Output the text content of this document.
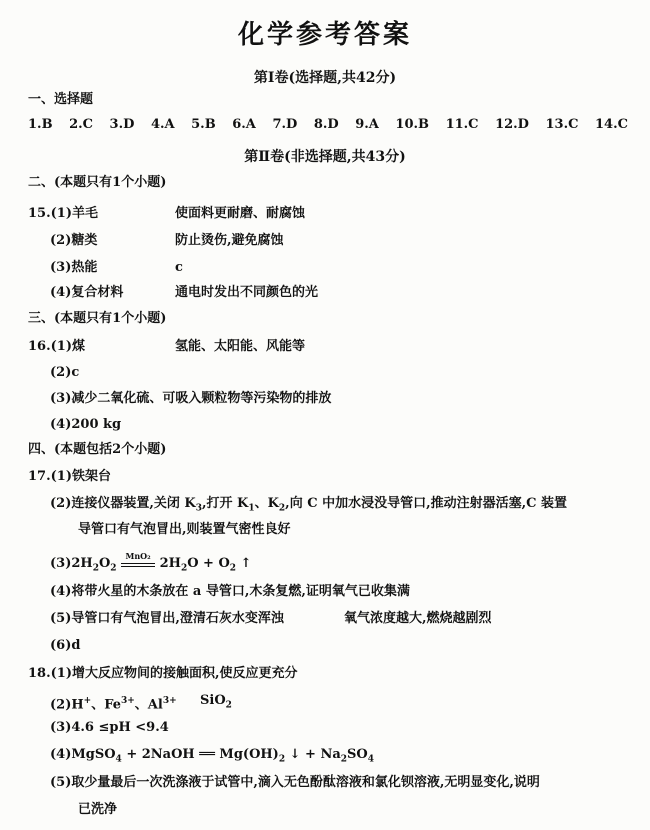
化学参考答案
第Ⅰ卷(选择题,共42分)
一、选择题
1.B 2.C 3.D 4.A 5.B 6.A 7.D 8.D 9.A 10.B 11.C 12.D 13.C 14.C
第Ⅱ卷(非选择题,共43分)
二、(本题只有1个小题)
15.(1)羊毛	使面料更耐磨、耐腐蚀
(2)糖类	防止烫伤,避免腐蚀
(3)热能	c
(4)复合材料	通电时发出不同颜色的光
三、(本题只有1个小题)
16.(1)煤	氢能、太阳能、风能等
(2)c
(3)减少二氧化硫、可吸入颗粒物等污染物的排放
(4)200 kg
四、(本题包括2个小题)
17.(1)铁架台
(2)连接仪器装置,关闭 $K_3$,打开 $K_1$、$K_2$,向 C 中加水浸没导管口,推动注射器活塞,C 装置
导管口有气泡冒出,则装置气密性良好
$(3)2H_2O_2$
MnO₂ $2H_2O + O_2$ ↑
(4)将带火星的木条放在 a 导管口,木条复燃,证明氧气已收集满
(5)导管口有气泡冒出,澄清石灰水变浑浊	氧气浓度越大,燃烧越剧烈
(6)d
18.(1)增大反应物间的接触面积,使反应更充分
(2)H+、$Fe^{3+}$、$Al^{3+}$ SiO$_2$
(3)4.6 ≤pH <9.4
(4)MgSO$_4$ + 2NaOH ══ $Mg(OH)_2$ ↓ + $Na_2SO_4$
(5)取少量最后一次洗涤液于试管中,滴入无色酚酞溶液和氯化钡溶液,无明显变化,说明
已洗净
